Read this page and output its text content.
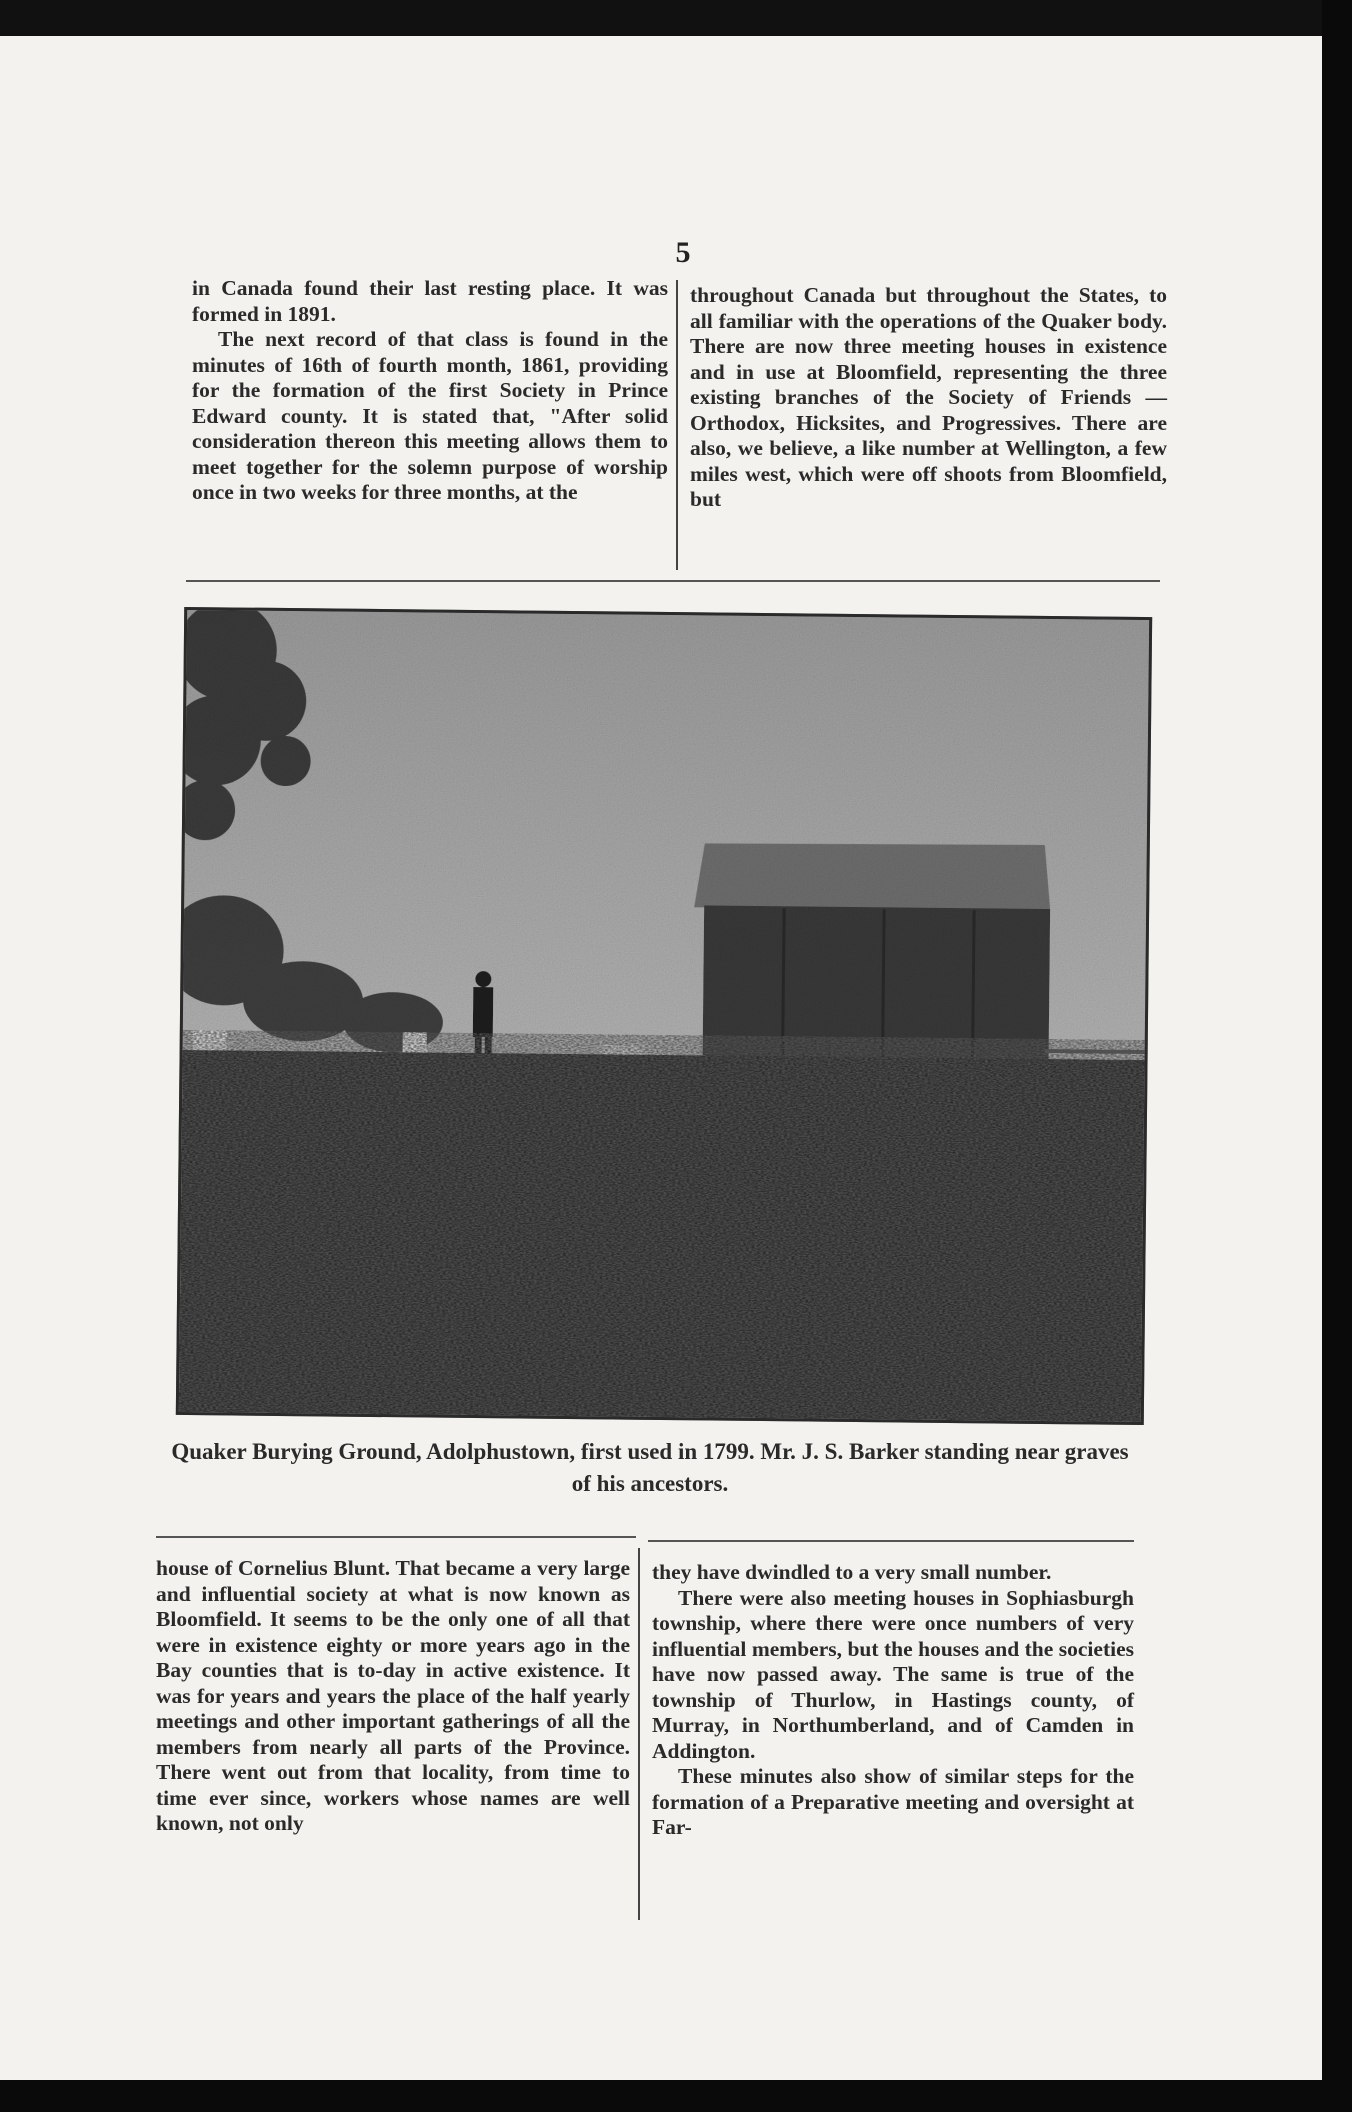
5

in Canada found their last resting place. It was formed in 1891.

The next record of that class is found in the minutes of 16th of fourth month, 1861, providing for the formation of the first Society in Prince Edward county. It is stated that, "After solid consideration thereon this meeting allows them to meet together for the solemn purpose of worship once in two weeks for three months, at the

throughout Canada but throughout the States, to all familiar with the operations of the Quaker body. There are now three meeting houses in existence and in use at Bloomfield, representing the three existing branches of the Society of Friends — Orthodox, Hicksites, and Progressives. There are also, we believe, a like number at Wellington, a few miles west, which were off shoots from Bloomfield, but

Quaker Burying Ground, Adolphustown, first used in 1799. Mr. J. S. Barker standing near graves of his ancestors.

house of Cornelius Blunt. That became a very large and influential society at what is now known as Bloomfield. It seems to be the only one of all that were in existence eighty or more years ago in the Bay counties that is to-day in active existence. It was for years and years the place of the half yearly meetings and other important gatherings of all the members from nearly all parts of the Province. There went out from that locality, from time to time ever since, workers whose names are well known, not only

they have dwindled to a very small number.

There were also meeting houses in Sophiasburgh township, where there were once numbers of very influential members, but the houses and the societies have now passed away. The same is true of the township of Thurlow, in Hastings county, of Murray, in Northumberland, and of Camden in Addington.

These minutes also show of similar steps for the formation of a Preparative meeting and oversight at Far-
